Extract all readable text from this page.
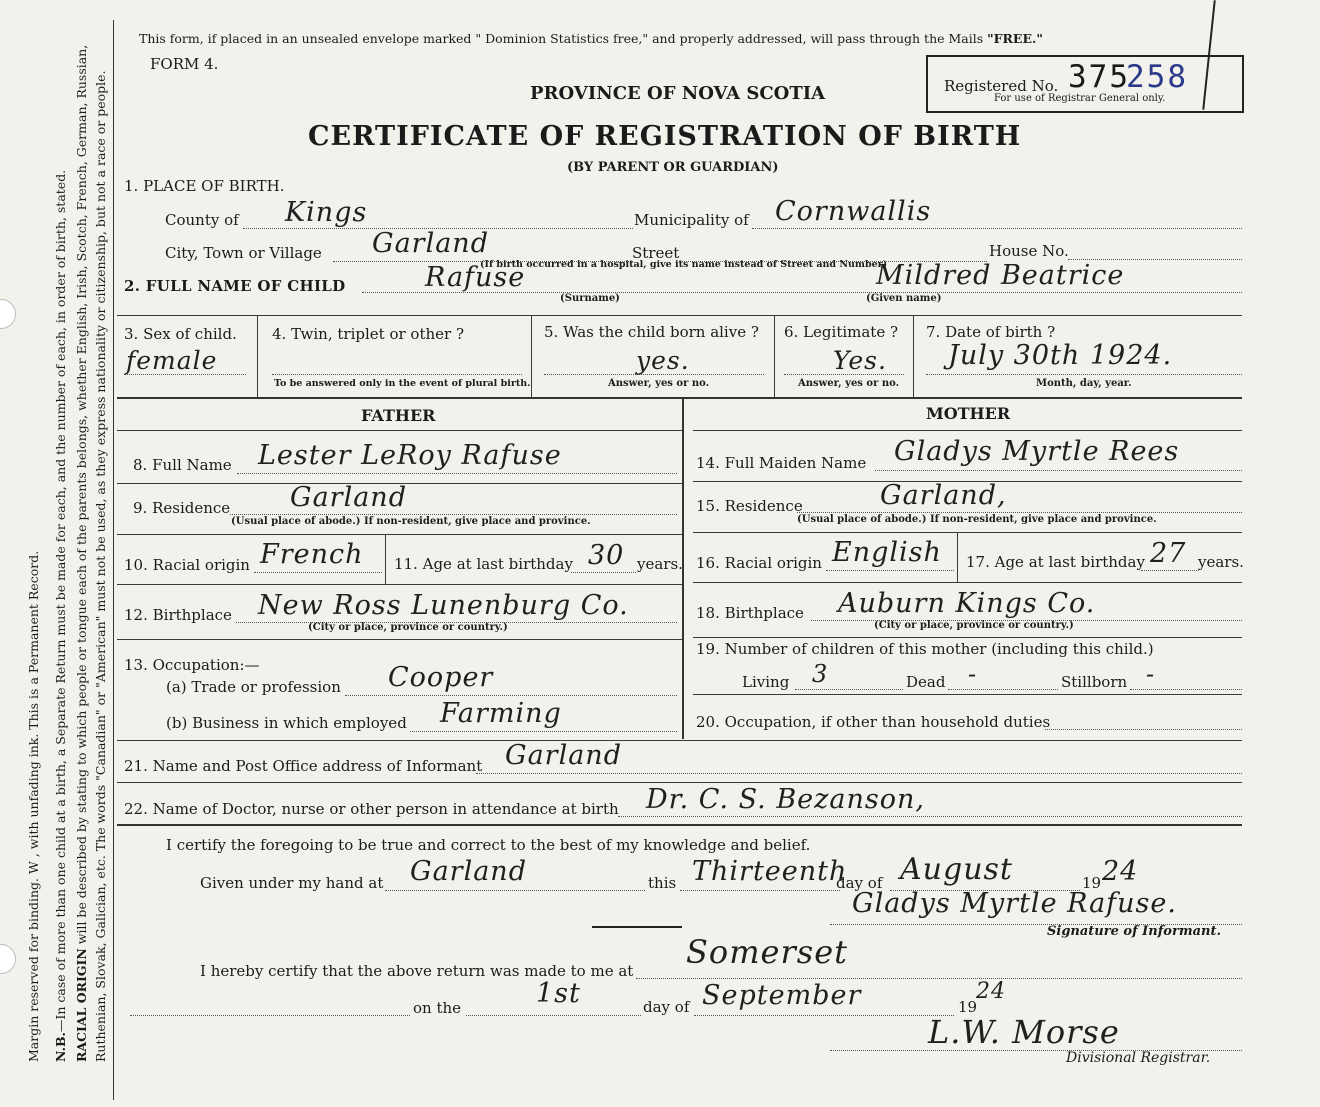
Margin reserved for binding. W , with unfading ink. This is a Permanent Record. N.B.—In case of more than one child at a birth, a Separate Return must be made for each, and the number of each, in order of birth, stated. RACIAL ORIGIN will be described by stating to which people or tongue each of the parents belongs, whether English, Irish, Scotch, French, German, Russian, Ruthenian, Slovak, Galician, etc. The words "Canadian" or "American" must not be used, as they express nationality or citizenship, but not a race or people.
This form, if placed in an unsealed envelope marked " Dominion Statistics free," and properly addressed, will pass through the Mails "FREE."
FORM 4.
PROVINCE OF NOVA SCOTIA
CERTIFICATE OF REGISTRATION OF BIRTH
(BY PARENT OR GUARDIAN)
Registered No. 375
258
For use of Registrar General only.
1. PLACE OF BIRTH.
County of Kings	Municipality of Cornwallis
City, Town or Village Garland	Street	House No.
(If birth occurred in a hospital, give its name instead of Street and Number)
2. FULL NAME OF CHILD	Rafuse
(Surname)
Mildred Beatrice
(Given name)
3. Sex of child.
female
4. Twin, triplet or other ?
To be answered only in the event of plural birth.
5. Was the child born alive ?
yes.
Answer, yes or no.
6. Legitimate ?
Yes.
Answer, yes or no.
7. Date of birth ?
July 30th 1924.
Month, day, year.
FATHER	MOTHER
8. Full Name Lester LeRoy Rafuse
9. Residence Garland
(Usual place of abode.) If non-resident, give place and province.
10. Racial origin French 11. Age at last birthday 30 years.
12. Birthplace New Ross Lunenburg Co.
(City or place, province or country.)
13. Occupation:—
(a) Trade or profession Cooper
(b) Business in which employed Farming
14. Full Maiden Name Gladys Myrtle Rees
15. Residence	Garland,
(Usual place of abode.) If non-resident, give place and province.
16. Racial origin English 17. Age at last birthday 27 years.
18. Birthplace Auburn Kings Co.
(City or place, province or country.)
19. Number of children of this mother (including this child.)
Living 3	Dead -	Stillborn -
20. Occupation, if other than household duties
21. Name and Post Office address of Informant Garland
22. Name of Doctor, nurse or other person in attendance at birth Dr. C. S. Bezanson,
I certify the foregoing to be true and correct to the best of my knowledge and belief.
Given under my hand at Garland	this Thirteenth
day of August	19 24
Gladys Myrtle Rafuse.
Signature of Informant.
I hereby certify that the above return was made to me at Somerset
on the	1st	day of September	19
24
L.W. Morse
Divisional Registrar.
